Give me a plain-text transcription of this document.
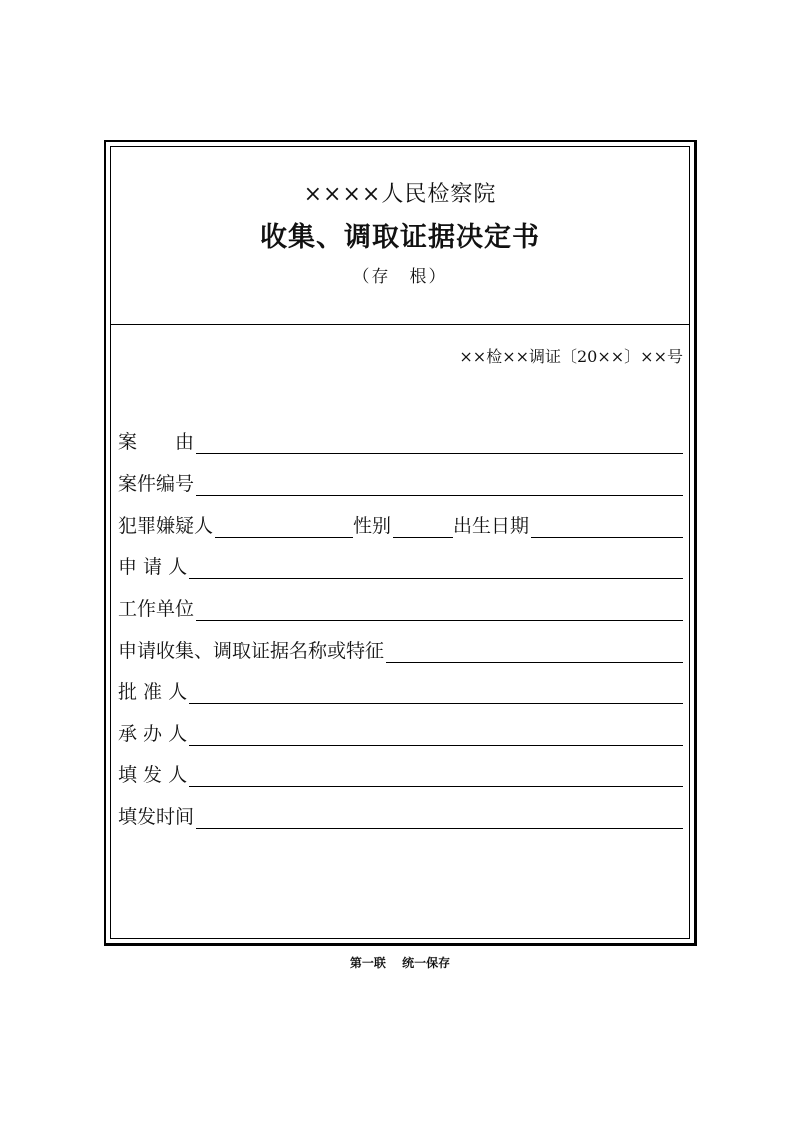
××××人民检察院
收集、调取证据决定书
（存　根）
××检××调证〔20××〕××号
案　　由
案件编号
犯罪嫌疑人	性别	出生日期
申 请 人
工作单位
申请收集、调取证据名称或特征
批 准 人
承 办 人
填 发 人
填发时间
第一联　 统一保存
